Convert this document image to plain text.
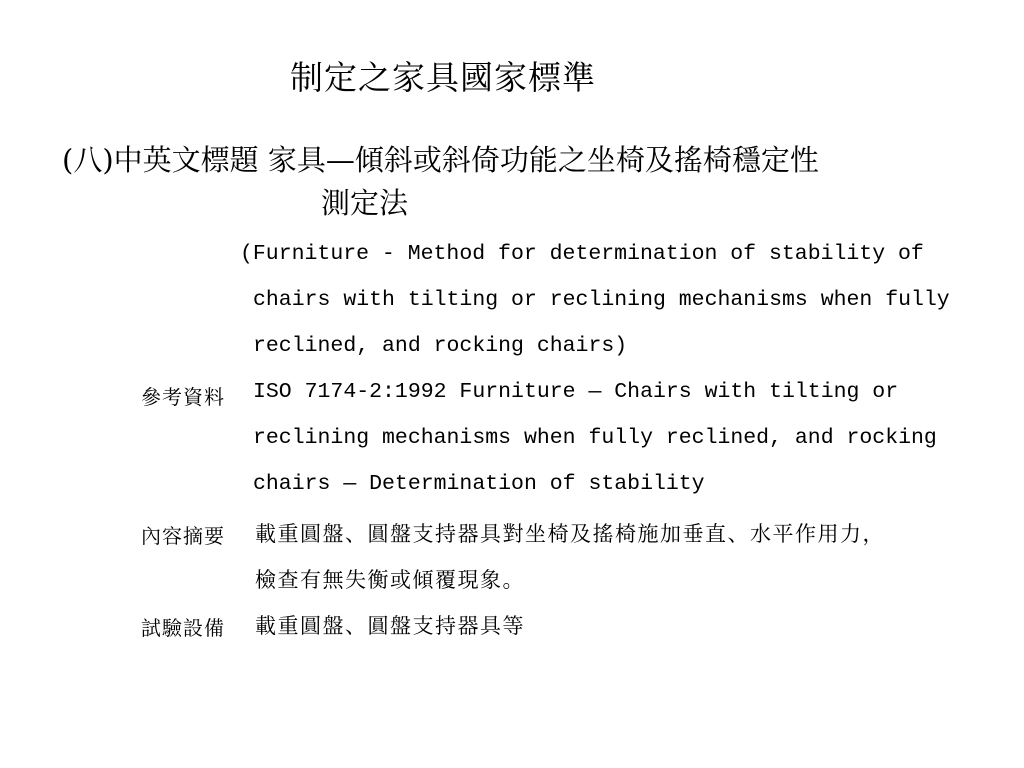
制定之家具國家標準
(八)中英文標題 家具—傾斜或斜倚功能之坐椅及搖椅穩定性
測定法
(Furniture - Method for determination of stability of
chairs with tilting or reclining mechanisms when fully
reclined, and rocking chairs)
參考資料 ISO 7174-2:1992 Furniture — Chairs with tilting or
reclining mechanisms when fully reclined, and rocking
chairs — Determination of stability
內容摘要 載重圓盤、圓盤支持器具對坐椅及搖椅施加垂直、水平作用力，
檢查有無失衡或傾覆現象。
試驗設備 載重圓盤、圓盤支持器具等
